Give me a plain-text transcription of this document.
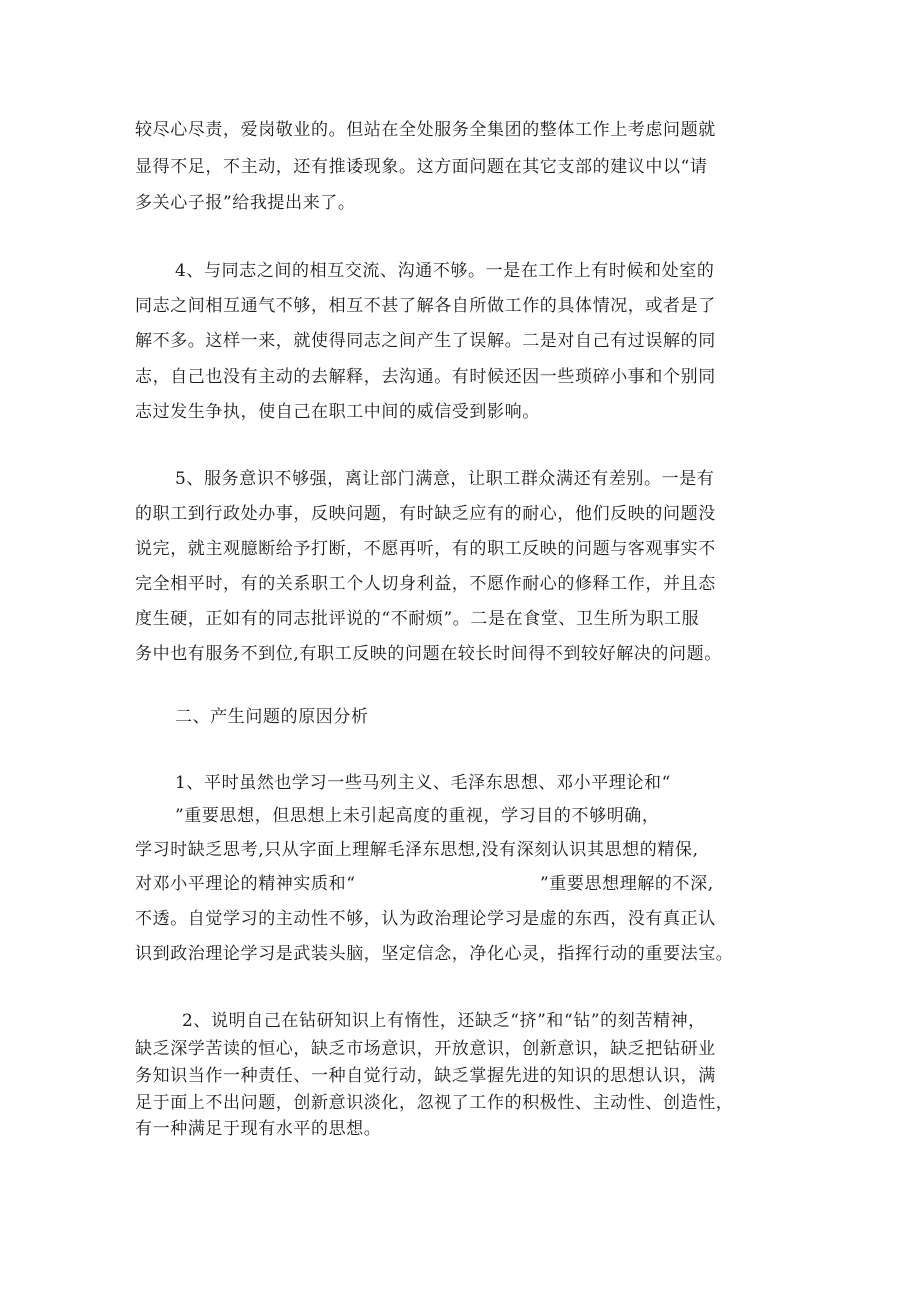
较尽心尽责，爱岗敬业的。但站在全处服务全集团的整体工作上考虑问题就
显得不足，不主动，还有推诿现象。这方面问题在其它支部的建议中以“请
多关心子报”给我提出来了。
4、与同志之间的相互交流、沟通不够。一是在工作上有时候和处室的
同志之间相互通气不够，相互不甚了解各自所做工作的具体情况，或者是了
解不多。这样一来，就使得同志之间产生了误解。二是对自己有过误解的同
志，自己也没有主动的去解释，去沟通。有时候还因一些琐碎小事和个别同
志过发生争执，使自己在职工中间的威信受到影响。
5、服务意识不够强，离让部门满意，让职工群众满还有差别。一是有
的职工到行政处办事，反映问题，有时缺乏应有的耐心，他们反映的问题没
说完，就主观臆断给予打断，不愿再听，有的职工反映的问题与客观事实不
完全相平时，有的关系职工个人切身利益，不愿作耐心的修释工作，并且态
度生硬，正如有的同志批评说的“不耐烦”。二是在食堂、卫生所为职工服
务中也有服务不到位,有职工反映的问题在较长时间得不到较好解决的问题。
二、产生问题的原因分析
1、平时虽然也学习一些马列主义、毛泽东思想、邓小平理论和“
”重要思想，但思想上未引起高度的重视，学习目的不够明确，
学习时缺乏思考,只从字面上理解毛泽东思想,没有深刻认识其思想的精保,
对邓小平理论的精神实质和“	”重要思想理解的不深,
不透。自觉学习的主动性不够，认为政治理论学习是虚的东西，没有真正认
识到政治理论学习是武装头脑，坚定信念，净化心灵，指挥行动的重要法宝。
2、说明自己在钻研知识上有惰性，还缺乏“挤”和“钻”的刻苦精神，
缺乏深学苦读的恒心，缺乏市场意识，开放意识，创新意识，缺乏把钻研业
务知识当作一种责任、一种自觉行动，缺乏掌握先进的知识的思想认识，满
足于面上不出问题，创新意识淡化，忽视了工作的积极性、主动性、创造性，
有一种满足于现有水平的思想。
